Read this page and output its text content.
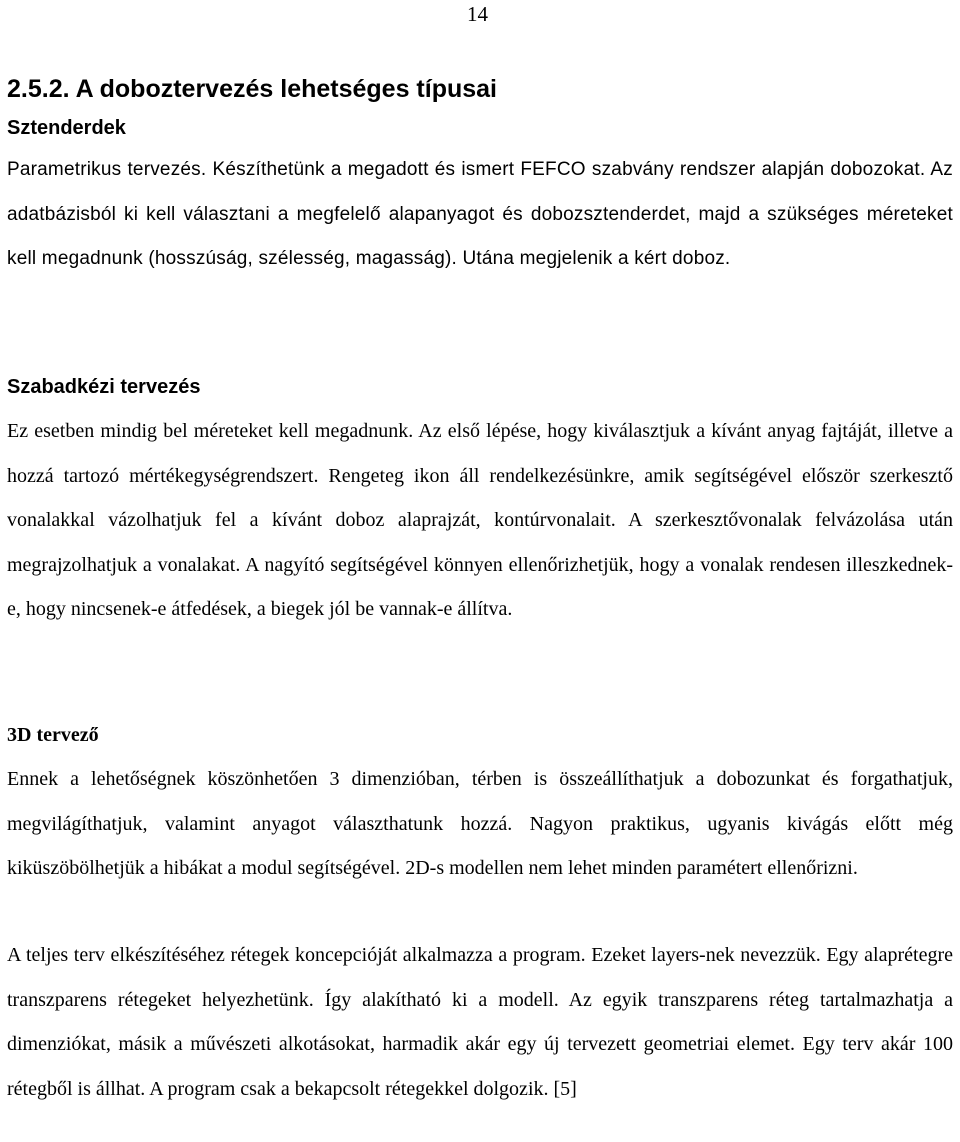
14
2.5.2. A doboztervezés lehetséges típusai
Sztenderdek

Parametrikus tervezés. Készíthetünk a megadott és ismert FEFCO szabvány rendszer alapján dobozokat. Az adatbázisból ki kell választani a megfelelő alapanyagot és dobozsztenderdet, majd a szükséges méreteket kell megadnunk (hosszúság, szélesség, magasság). Utána megjelenik a kért doboz.

Szabadkézi tervezés

Ez esetben mindig bel méreteket kell megadnunk. Az első lépése, hogy kiválasztjuk a kívánt anyag fajtáját, illetve a hozzá tartozó mértékegységrendszert. Rengeteg ikon áll rendelkezésünkre, amik segítségével először szerkesztő vonalakkal vázolhatjuk fel a kívánt doboz alaprajzát, kontúrvonalait. A szerkesztővonalak felvázolása után megrajzolhatjuk a vonalakat. A nagyító segítségével könnyen ellenőrizhetjük, hogy a vonalak rendesen illeszkednek-e, hogy nincsenek-e átfedések, a biegek jól be vannak-e állítva.

3D tervező

Ennek a lehetőségnek köszönhetően 3 dimenzióban, térben is összeállíthatjuk a dobozunkat és forgathatjuk, megvilágíthatjuk, valamint anyagot választhatunk hozzá. Nagyon praktikus, ugyanis kivágás előtt még kiküszöbölhetjük a hibákat a modul segítségével. 2D-s modellen nem lehet minden paramétert ellenőrizni.

A teljes terv elkészítéséhez rétegek koncepcióját alkalmazza a program. Ezeket layers-nek nevezzük. Egy alaprétegre transzparens rétegeket helyezhetünk. Így alakítható ki a modell. Az egyik transzparens réteg tartalmazhatja a dimenziókat, másik a művészeti alkotásokat, harmadik akár egy új tervezett geometriai elemet. Egy terv akár 100 rétegből is állhat. A program csak a bekapcsolt rétegekkel dolgozik. [5]
